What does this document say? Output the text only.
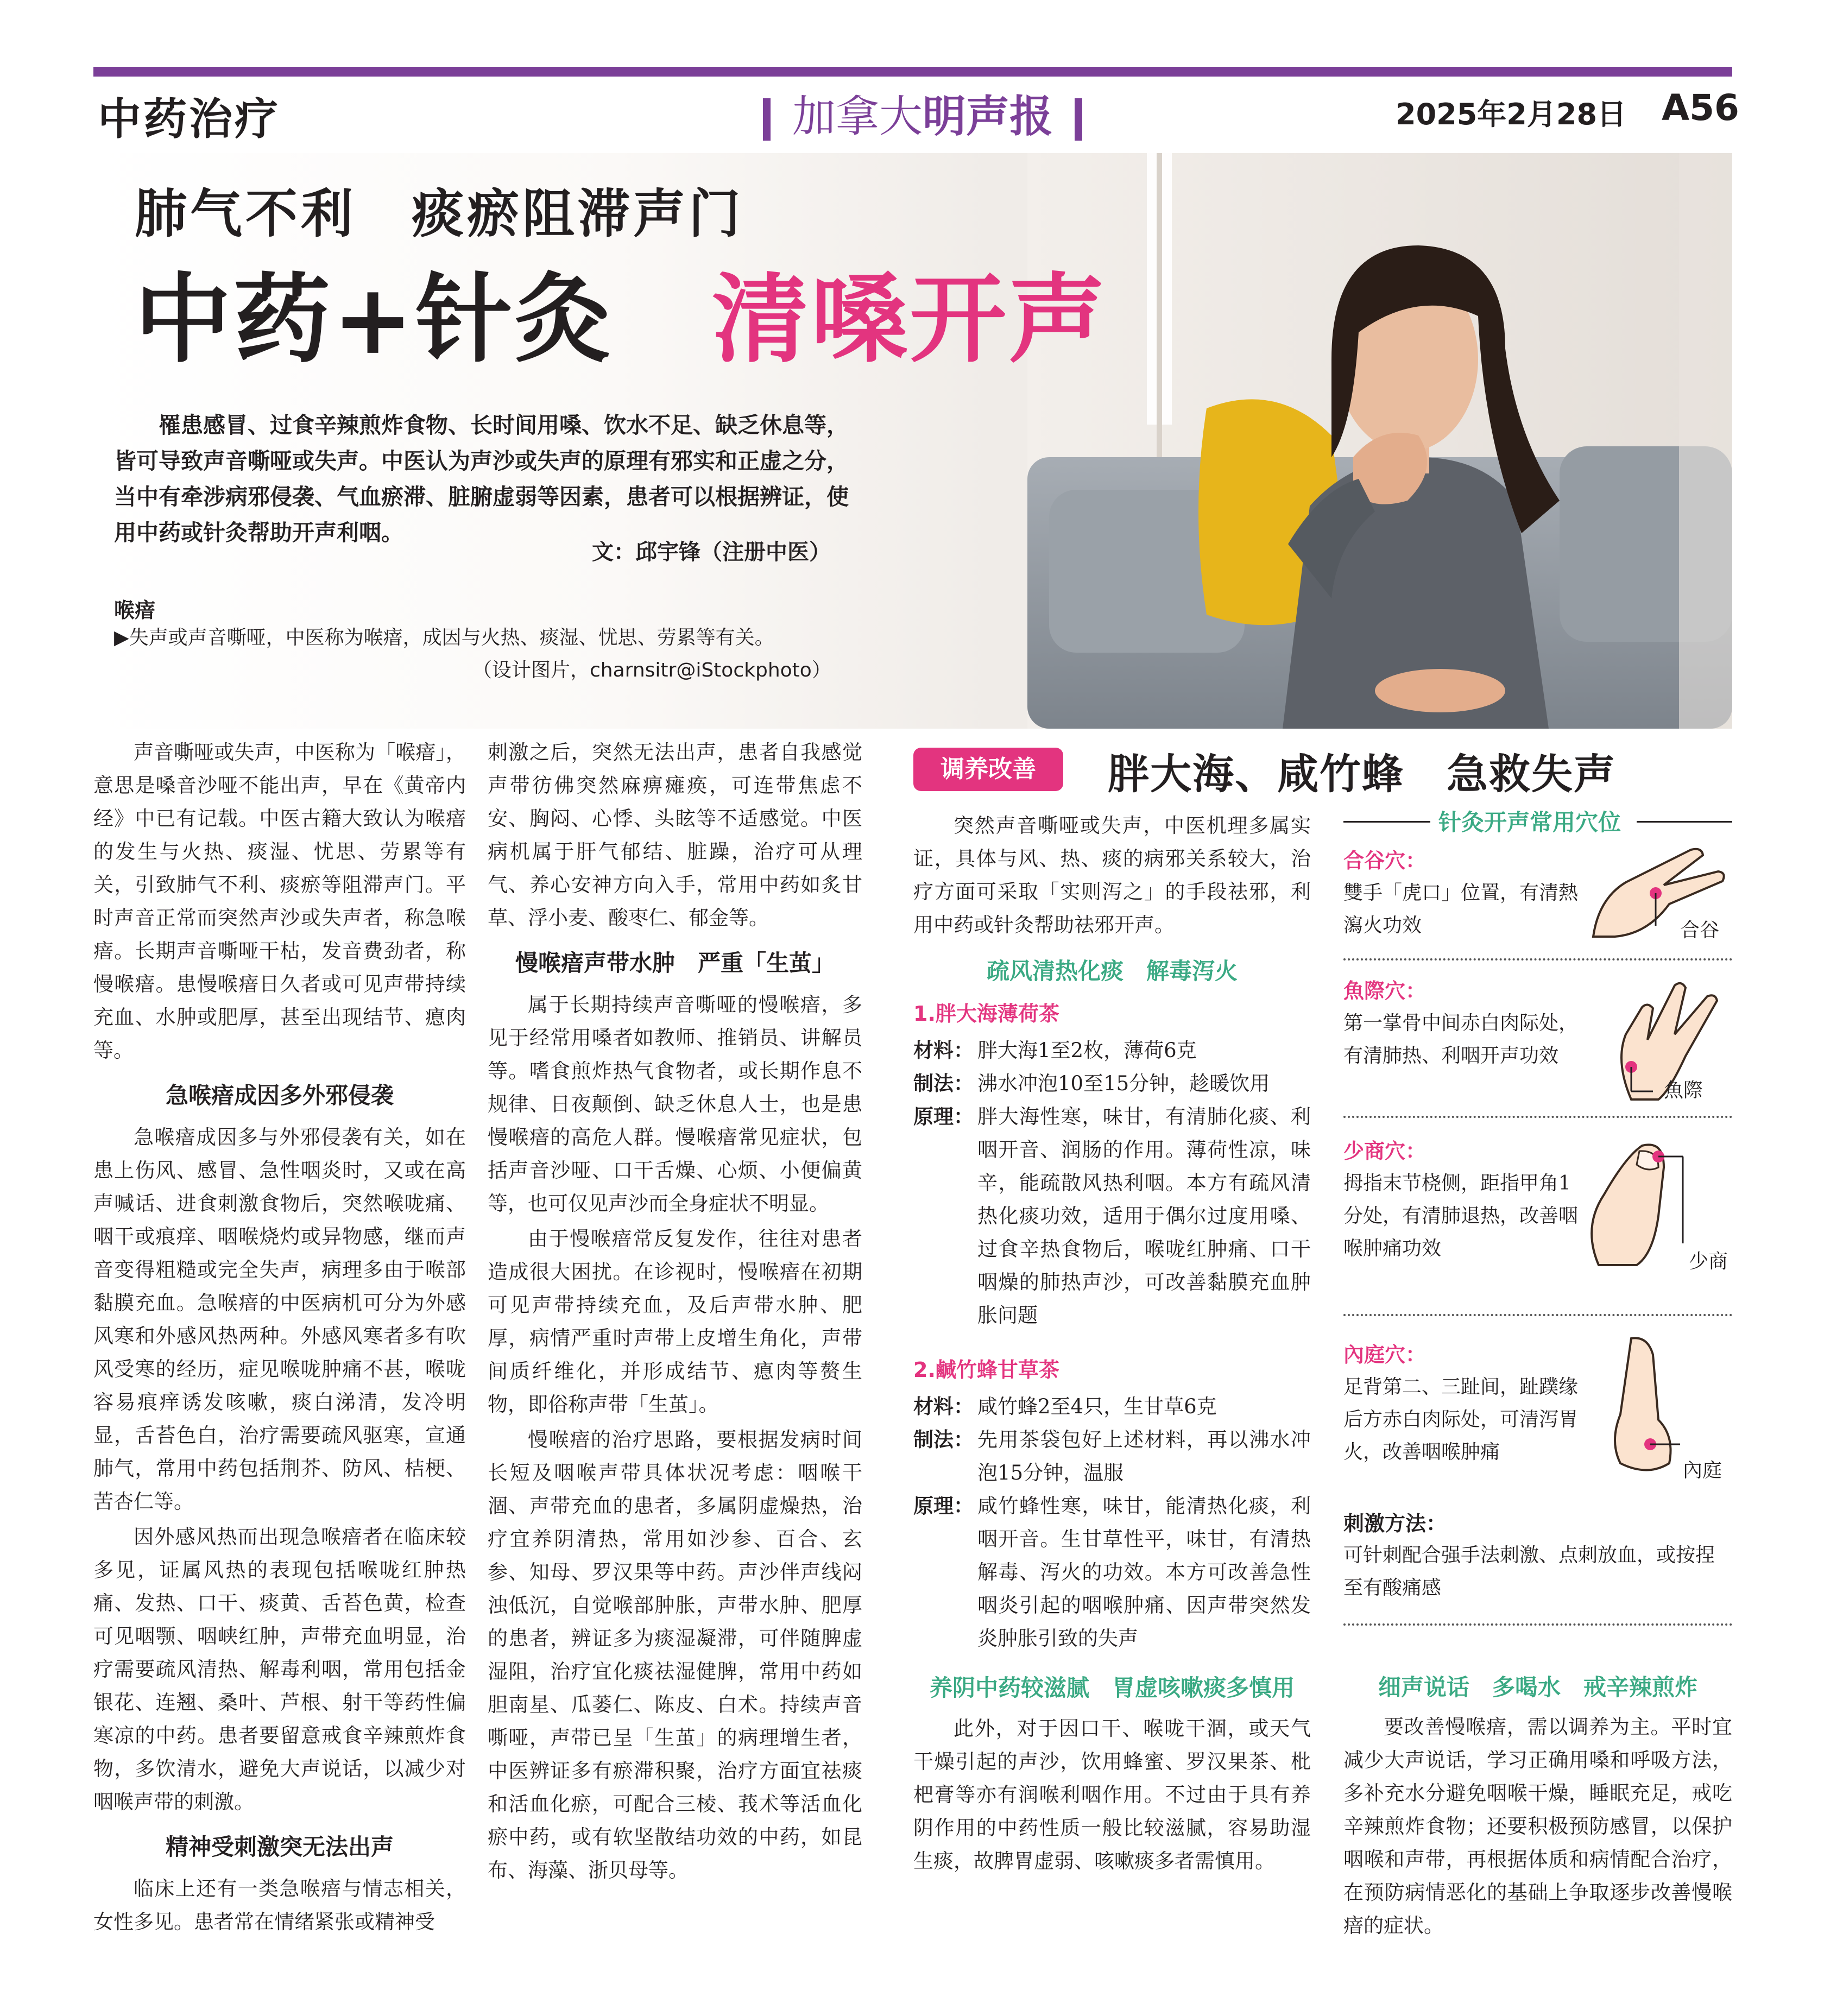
中药治疗	加拿大明声报	2025年2月28日 A56
肺气不利　痰瘀阻滞声门
中药+针灸　 清嗓开声
罹患感冒、过食辛辣煎炸食物、长时间用嗓、饮水不足、缺乏休息等，皆可导致声音嘶哑或失声。中医认为声沙或失声的原理有邪实和正虚之分，当中有牵涉病邪侵袭、气血瘀滞、脏腑虚弱等因素，患者可以根据辨证，使用中药或针灸帮助开声利咽。
文：邱宇锋（注册中医）
喉瘖
▶失声或声音嘶哑，中医称为喉瘖，成因与火热、痰湿、忧思、劳累等有关。
（设计图片，charnsitr@iStockphoto）

声音嘶哑或失声，中医称为「喉瘖」，意思是嗓音沙哑不能出声，早在《黄帝内经》中已有记载。中医古籍大致认为喉瘖的发生与火热、痰湿、忧思、劳累等有关，引致肺气不利、痰瘀等阻滞声门。平时声音正常而突然声沙或失声者，称急喉瘖。长期声音嘶哑干枯，发音费劲者，称慢喉瘖。患慢喉瘖日久者或可见声带持续充血、水肿或肥厚，甚至出现结节、瘜肉等。

急喉瘖成因多外邪侵袭

急喉瘖成因多与外邪侵袭有关，如在患上伤风、感冒、急性咽炎时，又或在高声喊话、进食刺激食物后，突然喉咙痛、咽干或痕痒、咽喉烧灼或异物感，继而声音变得粗糙或完全失声，病理多由于喉部黏膜充血。急喉瘖的中医病机可分为外感风寒和外感风热两种。外感风寒者多有吹风受寒的经历，症见喉咙肿痛不甚，喉咙容易痕痒诱发咳嗽，痰白涕清，发冷明显，舌苔色白，治疗需要疏风驱寒，宣通肺气，常用中药包括荆芥、防风、桔梗、苦杏仁等。

因外感风热而出现急喉瘖者在临床较多见，证属风热的表现包括喉咙红肿热痛、发热、口干、痰黄、舌苔色黄，检查可见咽颚、咽峡红肿，声带充血明显，治疗需要疏风清热、解毒利咽，常用包括金银花、连翘、桑叶、芦根、射干等药性偏寒凉的中药。患者要留意戒食辛辣煎炸食物，多饮清水，避免大声说话，以减少对咽喉声带的刺激。

精神受刺激突无法出声

临床上还有一类急喉瘖与情志相关，女性多见。患者常在情绪紧张或精神受

刺激之后，突然无法出声，患者自我感觉声带彷佛突然麻痹瘫痪，可连带焦虑不安、胸闷、心悸、头眩等不适感觉。中医病机属于肝气郁结、脏躁，治疗可从理气、养心安神方向入手，常用中药如炙甘草、浮小麦、酸枣仁、郁金等。

慢喉瘖声带水肿　严重「生茧」

属于长期持续声音嘶哑的慢喉瘖，多见于经常用嗓者如教师、推销员、讲解员等。嗜食煎炸热气食物者，或长期作息不规律、日夜颠倒、缺乏休息人士，也是患慢喉瘖的高危人群。慢喉瘖常见症状，包括声音沙哑、口干舌燥、心烦、小便偏黄等，也可仅见声沙而全身症状不明显。

由于慢喉瘖常反复发作，往往对患者造成很大困扰。在诊视时，慢喉瘖在初期可见声带持续充血，及后声带水肿、肥厚，病情严重时声带上皮增生角化，声带间质纤维化，并形成结节、瘜肉等赘生物，即俗称声带「生茧」。

慢喉瘖的治疗思路，要根据发病时间长短及咽喉声带具体状况考虑：咽喉干涸、声带充血的患者，多属阴虚燥热，治疗宜养阴清热，常用如沙参、百合、玄参、知母、罗汉果等中药。声沙伴声线闷浊低沉，自觉喉部肿胀，声带水肿、肥厚的患者，辨证多为痰湿凝滞，可伴随脾虚湿阻，治疗宜化痰祛湿健脾，常用中药如胆南星、瓜蒌仁、陈皮、白术。持续声音嘶哑，声带已呈「生茧」的病理增生者，中医辨证多有瘀滞积聚，治疗方面宜祛痰和活血化瘀，可配合三棱、莪术等活血化瘀中药，或有软坚散结功效的中药，如昆布、海藻、浙贝母等。

调养改善	胖大海、咸竹蜂　急救失声

突然声音嘶哑或失声，中医机理多属实证，具体与风、热、痰的病邪关系较大，治疗方面可采取「实则泻之」的手段祛邪，利用中药或针灸帮助祛邪开声。

疏风清热化痰　解毒泻火
1.胖大海薄荷茶
材料： 胖大海1至2枚，薄荷6克
制法： 沸水冲泡10至15分钟，趁暖饮用
原理： 胖大海性寒，味甘，有清肺化痰、利咽开音、润肠的作用。薄荷性凉，味辛，能疏散风热利咽。本方有疏风清热化痰功效，适用于偶尔过度用嗓、过食辛热食物后，喉咙红肿痛、口干咽燥的肺热声沙，可改善黏膜充血肿胀问题
2.鹹竹蜂甘草茶
材料： 咸竹蜂2至4只，生甘草6克
制法： 先用茶袋包好上述材料，再以沸水冲泡15分钟，温服
原理： 咸竹蜂性寒，味甘，能清热化痰，利咽开音。生甘草性平，味甘，有清热解毒、泻火的功效。本方可改善急性咽炎引起的咽喉肿痛、因声带突然发炎肿胀引致的失声
养阴中药较滋腻　胃虚咳嗽痰多慎用

此外，对于因口干、喉咙干涸，或天气干燥引起的声沙，饮用蜂蜜、罗汉果茶、枇杷膏等亦有润喉利咽作用。不过由于具有养阴作用的中药性质一般比较滋腻，容易助湿生痰，故脾胃虚弱、咳嗽痰多者需慎用。

针灸开声常用穴位
合谷穴：
雙手「虎口」位置，有清熱瀉火功效	合谷
魚際穴：
第一掌骨中间赤白肉际处，有清肺热、利咽开声功效
魚際
少商穴：
拇指末节桡侧，距指甲角1分处，有清肺退热，改善咽喉肿痛功效
少商
內庭穴：
足背第二、三趾间，趾蹼缘后方赤白肉际处，可清泻胃火，改善咽喉肿痛
內庭
刺激方法：
可针刺配合强手法刺激、点刺放血，或按捏至有酸痛感
细声说话　多喝水　戒辛辣煎炸
要改善慢喉瘖，需以调养为主。平时宜减少大声说话，学习正确用嗓和呼吸方法，多补充水分避免咽喉干燥，睡眠充足，戒吃辛辣煎炸食物；还要积极预防感冒，以保护咽喉和声带，再根据体质和病情配合治疗，在预防病情恶化的基础上争取逐步改善慢喉瘖的症状。
